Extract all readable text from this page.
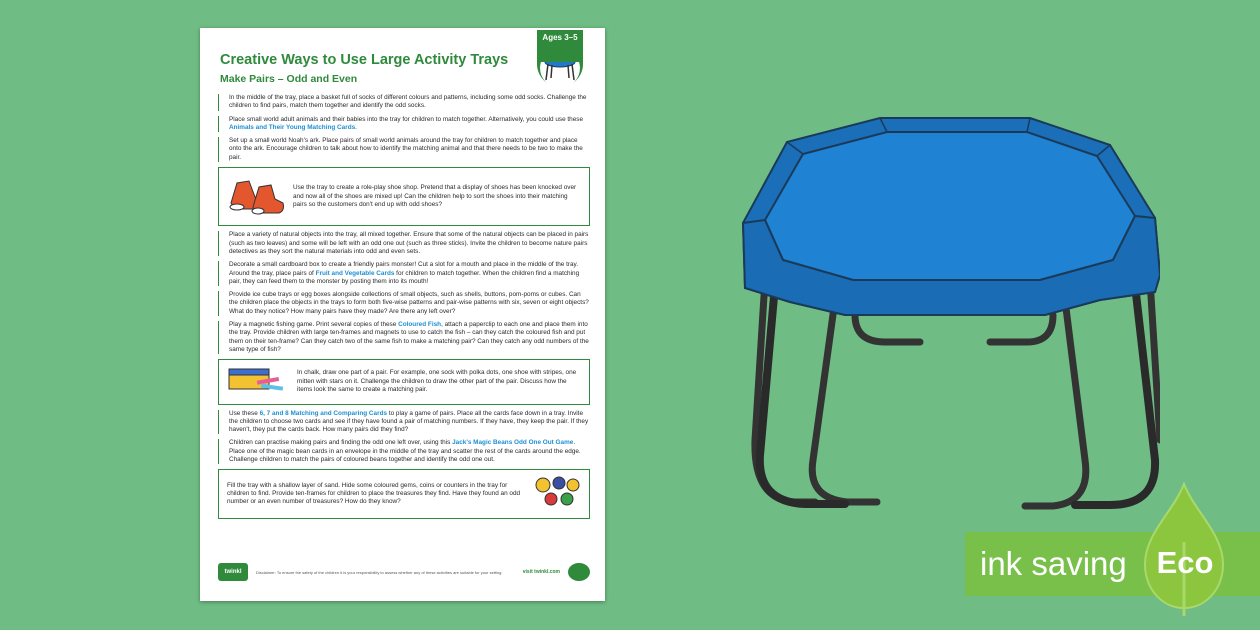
Creative Ways to Use Large Activity Trays
Make Pairs – Odd and Even
In the middle of the tray, place a basket full of socks of different colours and patterns, including some odd socks. Challenge the children to find pairs, match them together and identify the odd socks.
Place small world adult animals and their babies into the tray for children to match together. Alternatively, you could use these Animals and Their Young Matching Cards.
Set up a small world Noah's ark. Place pairs of small world animals around the tray for children to match together and place onto the ark. Encourage children to talk about how to identify the matching animal and that there needs to be two to make the pair.
Use the tray to create a role-play shoe shop. Pretend that a display of shoes has been knocked over and now all of the shoes are mixed up! Can the children help to sort the shoes into their matching pairs so the customers don't end up with odd shoes?
Place a variety of natural objects into the tray, all mixed together. Ensure that some of the natural objects can be placed in pairs (such as two leaves) and some will be left with an odd one out (such as three sticks). Invite the children to become nature pairs detectives as they sort the natural materials into odd and even sets.
Decorate a small cardboard box to create a friendly pairs monster! Cut a slot for a mouth and place in the middle of the tray. Around the tray, place pairs of Fruit and Vegetable Cards for children to match together. When the children find a matching pair, they can feed them to the monster by posting them into its mouth!
Provide ice cube trays or egg boxes alongside collections of small objects, such as shells, buttons, pom-poms or cubes. Can the children place the objects in the trays to form both five-wise patterns and pair-wise patterns with six, seven or eight objects? What do they notice? How many pairs have they made? Are there any left over?
Play a magnetic fishing game. Print several copies of these Coloured Fish, attach a paperclip to each one and place them into the tray. Provide children with large ten-frames and magnets to use to catch the fish – can they catch the coloured fish and put them on their ten-frame? Can they catch two of the same fish to make a matching pair? Can they catch any odd numbers of the same type of fish?
In chalk, draw one part of a pair. For example, one sock with polka dots, one shoe with stripes, one mitten with stars on it. Challenge the children to draw the other part of the pair. Discuss how the items look the same to create a matching pair.
Use these 6, 7 and 8 Matching and Comparing Cards to play a game of pairs. Place all the cards face down in a tray. Invite the children to choose two cards and see if they have found a pair of matching numbers. If they have, they keep the pair. If they haven't, they put the cards back. How many pairs did they find?
Children can practise making pairs and finding the odd one left over, using this Jack's Magic Beans Odd One Out Game. Place one of the magic bean cards in an envelope in the middle of the tray and scatter the rest of the cards around the edge. Challenge children to match the pairs of coloured beans together and identify the odd one out.
Fill the tray with a shallow layer of sand. Hide some coloured gems, coins or counters in the tray for children to find. Provide ten-frames for children to place the treasures they find. Have they found an odd number or an even number of treasures? How do they know?
twinkl	Disclaimer: To ensure the safety of the children it is your responsibility to assess whether any of these activities are suitable for your setting.	visit twinkl.com
Ages 3–5
ink saving Eco
